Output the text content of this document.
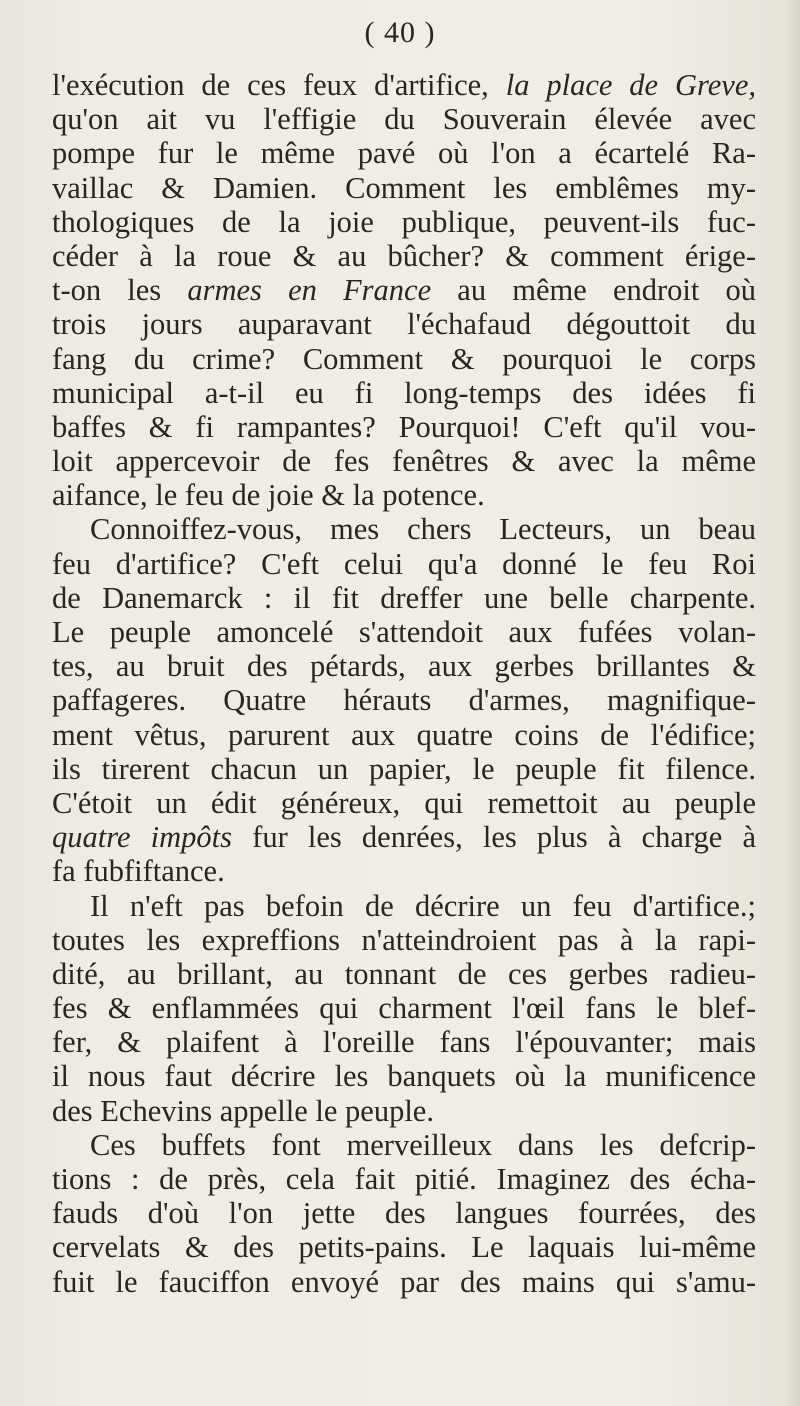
( 40 )
l'exécution de ces feux d'artifice, la place de Greve,
qu'on ait vu l'effigie du Souverain élevée avec
pompe fur le même pavé où l'on a écartelé Ra-
vaillac & Damien. Comment les emblêmes my-
thologiques de la joie publique, peuvent-ils fuc-
céder à la roue & au bûcher? & comment érige-
t-on les armes en France au même endroit où
trois jours auparavant l'échafaud dégouttoit du
fang du crime? Comment & pourquoi le corps
municipal a-t-il eu fi long-temps des idées fi
baffes & fi rampantes? Pourquoi! C'eft qu'il vou-
loit appercevoir de fes fenêtres & avec la même
aifance, le feu de joie & la potence.
Connoiffez-vous, mes chers Lecteurs, un beau
feu d'artifice? C'eft celui qu'a donné le feu Roi
de Danemarck : il fit dreffer une belle charpente.
Le peuple amoncelé s'attendoit aux fufées volan-
tes, au bruit des pétards, aux gerbes brillantes &
paffageres. Quatre hérauts d'armes, magnifique-
ment vêtus, parurent aux quatre coins de l'édifice;
ils tirerent chacun un papier, le peuple fit filence.
C'étoit un édit généreux, qui remettoit au peuple
quatre impôts fur les denrées, les plus à charge à
fa fubfiftance.
Il n'eft pas befoin de décrire un feu d'artifice.;
toutes les expreffions n'atteindroient pas à la rapi-
dité, au brillant, au tonnant de ces gerbes radieu-
fes & enflammées qui charment l'œil fans le blef-
fer, & plaifent à l'oreille fans l'épouvanter; mais
il nous faut décrire les banquets où la munificence
des Echevins appelle le peuple.
Ces buffets font merveilleux dans les defcrip-
tions : de près, cela fait pitié. Imaginez des écha-
fauds d'où l'on jette des langues fourrées, des
cervelats & des petits-pains. Le laquais lui-même
fuit le fauciffon envoyé par des mains qui s'amu-
